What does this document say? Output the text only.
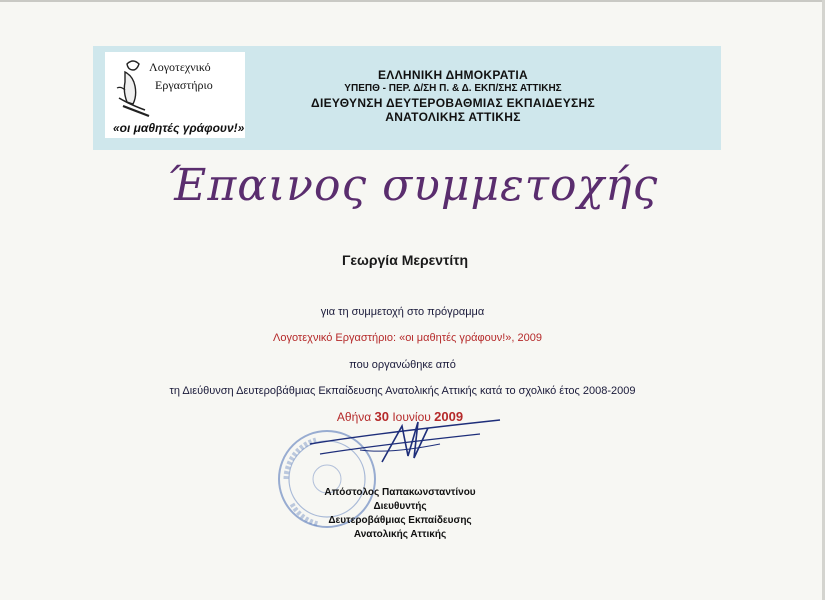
Λογοτεχνικό
Εργαστήριο
«οι μαθητές γράφουν!»
ΕΛΛΗΝΙΚΗ ΔΗΜΟΚΡΑΤΙΑ
ΥΠΕΠΘ - ΠΕΡ. Δ/ΣΗ Π. & Δ. ΕΚΠ/ΣΗΣ ΑΤΤΙΚΗΣ
ΔΙΕΥΘΥΝΣΗ ΔΕΥΤΕΡΟΒΑΘΜΙΑΣ ΕΚΠΑΙΔΕΥΣΗΣ
ΑΝΑΤΟΛΙΚΗΣ ΑΤΤΙΚΗΣ
Έπαινος συμμετοχής
Γεωργία Μερεντίτη
για τη συμμετοχή στο πρόγραμμα
Λογοτεχνικό Εργαστήριο: «οι μαθητές γράφουν!», 2009
που οργανώθηκε από
τη Διεύθυνση Δευτεροβάθμιας Εκπαίδευσης Ανατολικής Αττικής κατά το σχολικό έτος 2008-2009
Αθήνα 30 Ιουνίου 2009
Απόστολος Παπακωνσταντίνου
Διευθυντής
Δευτεροβάθμιας Εκπαίδευσης
Ανατολικής Αττικής
